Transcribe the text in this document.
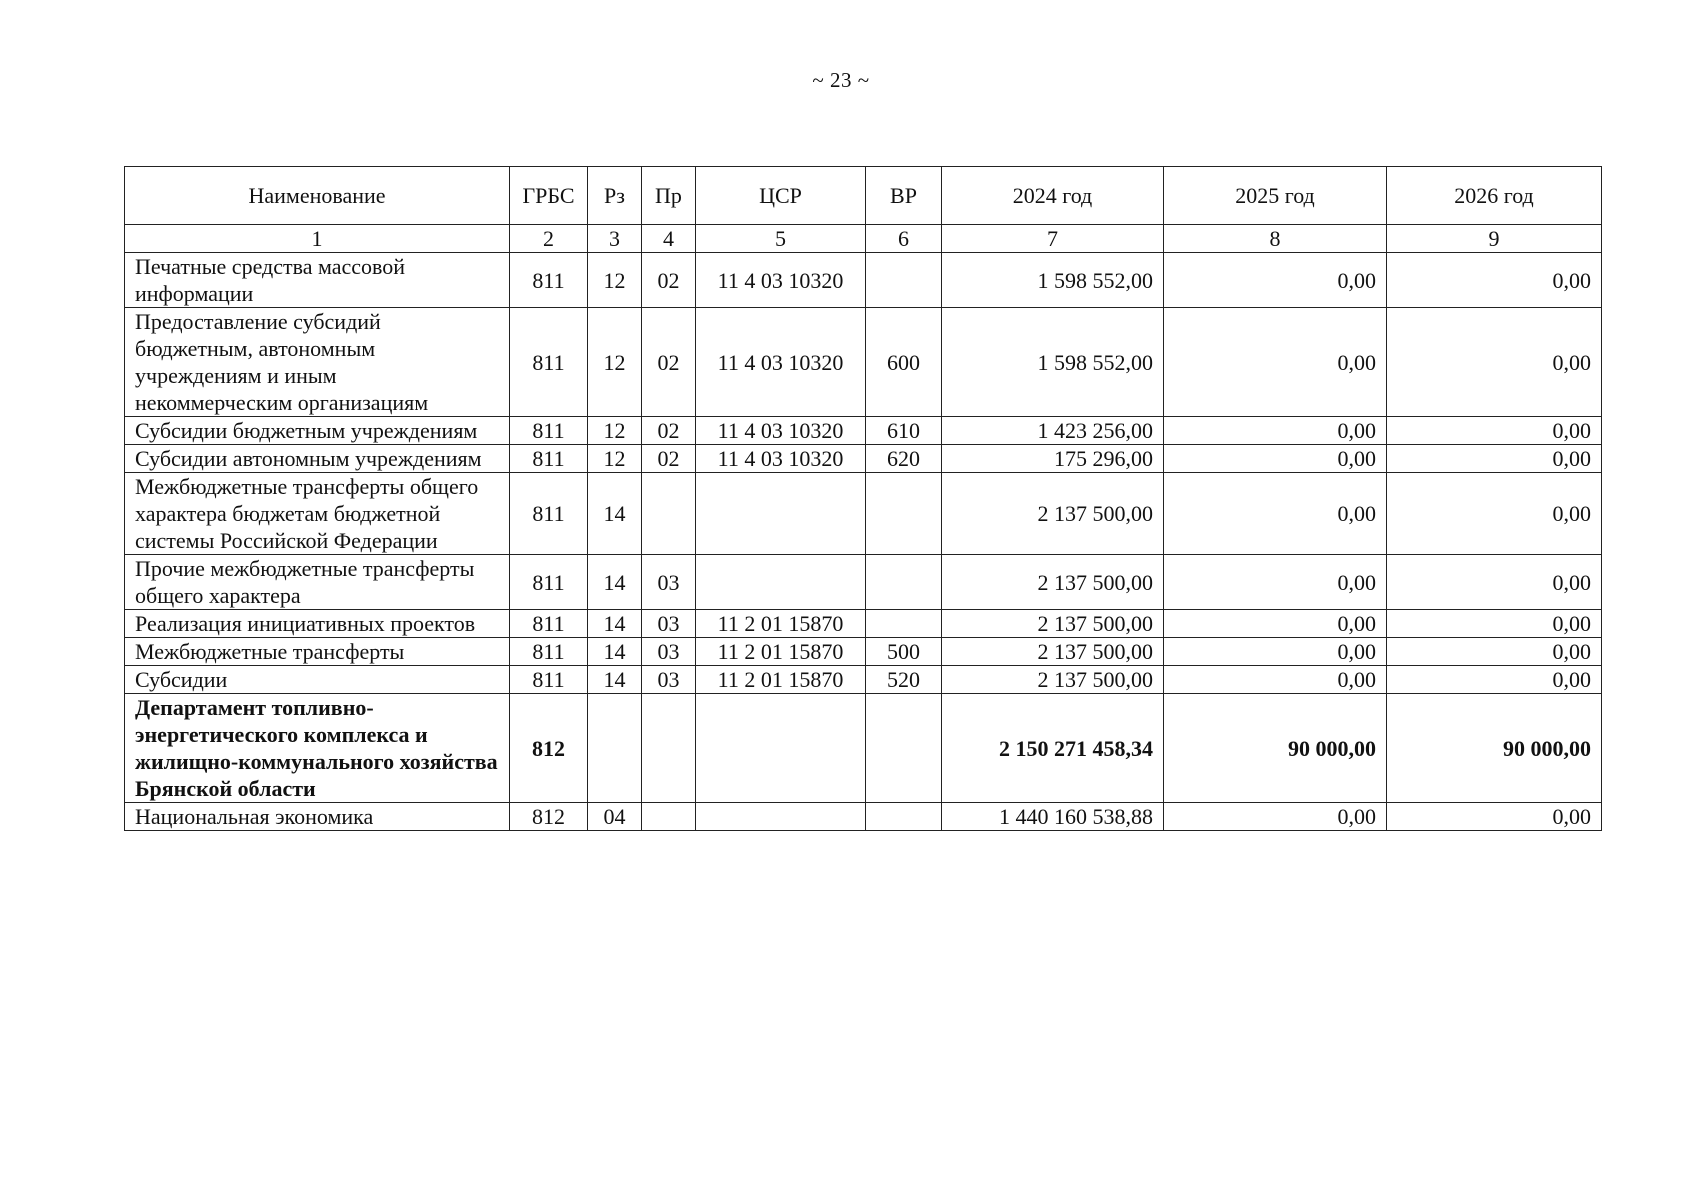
~ 23 ~
Наименование	ГРБС	Рз	Пр	ЦСР	ВР	2024 год	2025 год	2026 год
1	2	3	4	5	6	7	8	9
Печатные средства массовой информации	811	12	02	11 4 03 10320		1 598 552,00	0,00	0,00
Предоставление субсидий бюджетным, автономным учреждениям и иным некоммерческим организациям	811	12	02	11 4 03 10320	600	1 598 552,00	0,00	0,00
Субсидии бюджетным учреждениям	811	12	02	11 4 03 10320	610	1 423 256,00	0,00	0,00
Субсидии автономным учреждениям	811	12	02	11 4 03 10320	620	175 296,00	0,00	0,00
Межбюджетные трансферты общего характера бюджетам бюджетной системы Российской Федерации	811	14				2 137 500,00	0,00	0,00
Прочие межбюджетные трансферты общего характера	811	14	03			2 137 500,00	0,00	0,00
Реализация инициативных проектов	811	14	03	11 2 01 15870		2 137 500,00	0,00	0,00
Межбюджетные трансферты	811	14	03	11 2 01 15870	500	2 137 500,00	0,00	0,00
Субсидии	811	14	03	11 2 01 15870	520	2 137 500,00	0,00	0,00
Департамент топливно-энергетического комплекса и жилищно-коммунального хозяйства Брянской области	812					2 150 271 458,34	90 000,00	90 000,00
Национальная экономика	812	04				1 440 160 538,88	0,00	0,00
